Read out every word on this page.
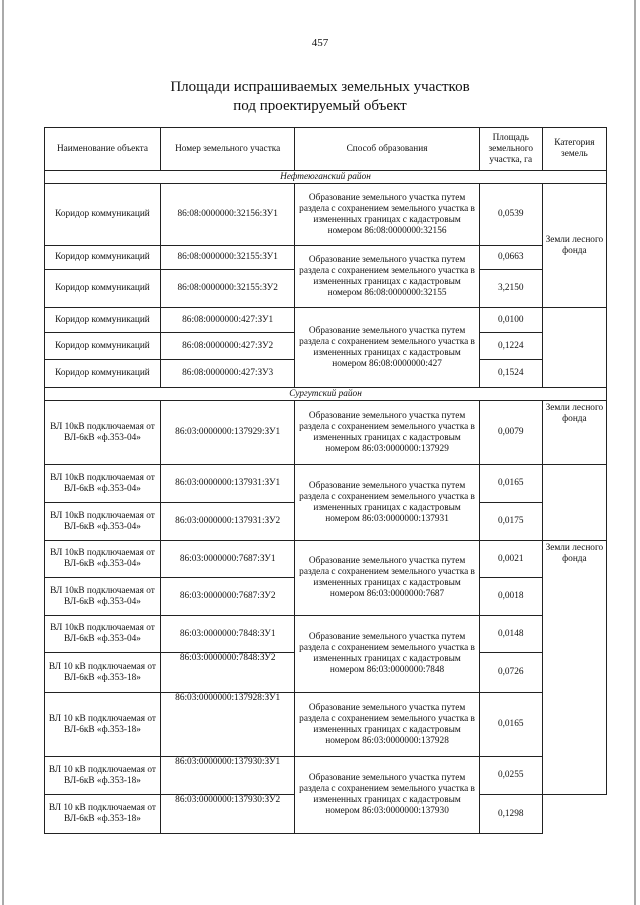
457
Площади испрашиваемых земельных участков
под проектируемый объект
Наименование объекта	Номер земельного участка	Способ образования	Площадь земельного участка, га	Категория земель
Нефтеюганский район				
Коридор коммуникаций	86:08:0000000:32156:ЗУ1	Образование земельного участка путем раздела с сохранением земельного участка в измененных границах с кадастровым номером 86:08:0000000:32156	0,0539	Земли лесного фонда
Коридор коммуникаций	86:08:0000000:32155:ЗУ1	Образование земельного участка путем раздела с сохранением земельного участка в измененных границах с кадастровым номером 86:08:0000000:32155	0,0663	
Коридор коммуникаций	86:08:0000000:32155:ЗУ2		3,2150	
Коридор коммуникаций	86:08:0000000:427:ЗУ1	Образование земельного участка путем раздела с сохранением земельного участка в измененных границах с кадастровым номером 86:08:0000000:427	0,0100	
Коридор коммуникаций	86:08:0000000:427:ЗУ2		0,1224	
Коридор коммуникаций	86:08:0000000:427:ЗУ3		0,1524	
Сургутский район				
ВЛ 10кВ подключаемая от ВЛ-6кВ «ф.353-04»	86:03:0000000:137929:ЗУ1	Образование земельного участка путем раздела с сохранением земельного участка в измененных границах с кадастровым номером 86:03:0000000:137929	0,0079	Земли лесного фонда
ВЛ 10кВ подключаемая от ВЛ-6кВ «ф.353-04»	86:03:0000000:137931:ЗУ1	Образование земельного участка путем раздела с сохранением земельного участка в измененных границах с кадастровым номером 86:03:0000000:137931	0,0165	
ВЛ 10кВ подключаемая от ВЛ-6кВ «ф.353-04»	86:03:0000000:137931:ЗУ2		0,0175	
ВЛ 10кВ подключаемая от ВЛ-6кВ «ф.353-04»	86:03:0000000:7687:ЗУ1	Образование земельного участка путем раздела с сохранением земельного участка в измененных границах с кадастровым номером 86:03:0000000:7687	0,0021	Земли лесного фонда
ВЛ 10кВ подключаемая от ВЛ-6кВ «ф.353-04»	86:03:0000000:7687:ЗУ2		0,0018	
ВЛ 10кВ подключаемая от ВЛ-6кВ «ф.353-04»	86:03:0000000:7848:ЗУ1	Образование земельного участка путем раздела с сохранением земельного участка в измененных границах с кадастровым номером 86:03:0000000:7848	0,0148	
ВЛ 10 кВ подключаемая от ВЛ-6кВ «ф.353-18»	86:03:0000000:7848:ЗУ2		0,0726	
ВЛ 10 кВ подключаемая от ВЛ-6кВ «ф.353-18»	86:03:0000000:137928:ЗУ1	Образование земельного участка путем раздела с сохранением земельного участка в измененных границах с кадастровым номером 86:03:0000000:137928	0,0165	
ВЛ 10 кВ подключаемая от ВЛ-6кВ «ф.353-18»	86:03:0000000:137930:ЗУ1	Образование земельного участка путем раздела с сохранением земельного участка в измененных границах с кадастровым номером 86:03:0000000:137930	0,0255	
ВЛ 10 кВ подключаемая от ВЛ-6кВ «ф.353-18»	86:03:0000000:137930:ЗУ2		0,1298	
